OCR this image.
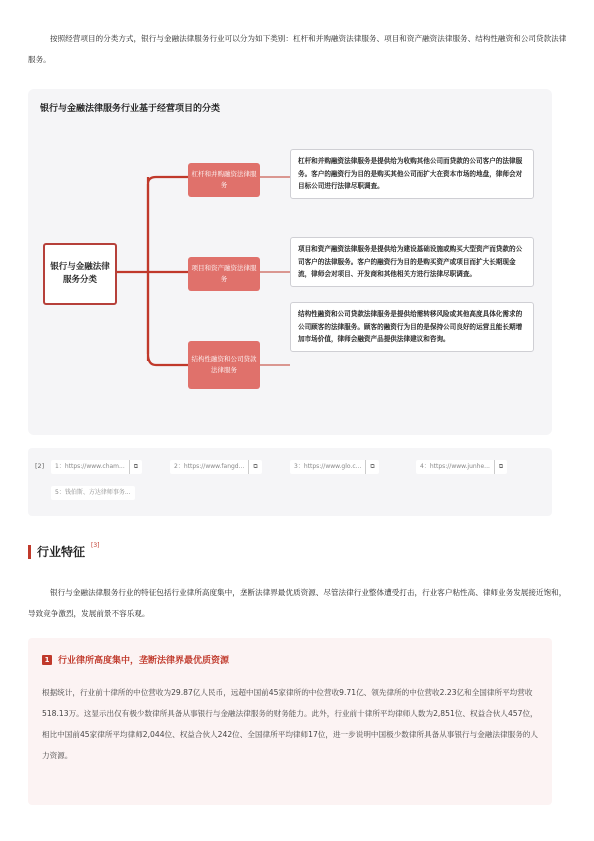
按照经营项目的分类方式，银行与金融法律服务行业可以分为如下类别：杠杆和并购融资法律服务、项目和资产融资法律服务、结构性融资和公司贷款法律服务。
银行与金融法律服务行业基于经营项目的分类
银行与金融法律服务分类
杠杆和并购融资法律服务
项目和资产融资法律服务
结构性融资和公司贷款法律服务
杠杆和并购融资法律服务是提供给为收购其他公司而贷款的公司客户的法律服务。客户的融资行为目的是购买其他公司而扩大在资本市场的地盘，律师会对目标公司进行法律尽职调查。
项目和资产融资法律服务是提供给为建设基础设施或购买大型资产而贷款的公司客户的法律服务。客户的融资行为目的是购买资产或项目而扩大长期现金流，律师会对项目、开发商和其他相关方进行法律尽职调查。
结构性融资和公司贷款法律服务是提供给需转移风险或其他高度具体化需求的公司顾客的法律服务。顾客的融资行为目的是保持公司良好的运营且能长期增加市场价值，律师会融资产品提供法律建议和咨询。
[2]	1：https://www.cham... ⧉	2：https://www.fangd... ⧉	3：https://www.glo.c... ⧉	4：https://www.junhe... ⧉
5：钱伯斯、方达律师事务...
行业特征 [3]
银行与金融法律服务行业的特征包括行业律所高度集中，垄断法律界最优质资源、尽管法律行业整体遭受打击，行业客户粘性高、律师业务发展接近饱和，导致竞争激烈，发展前景不容乐观。
1 行业律所高度集中，垄断法律界最优质资源
根据统计，行业前十律所的中位营收为29.87亿人民币，远超中国前45家律所的中位营收9.71亿、领先律所的中位营收2.23亿和全国律所平均营收518.13万。这显示出仅有极少数律所具备从事银行与金融法律服务的财务能力。此外，行业前十律所平均律师人数为2,851位、权益合伙人457位，相比中国前45家律所平均律师2,044位、权益合伙人242位、全国律所平均律师17位，进一步说明中国极少数律所具备从事银行与金融法律服务的人力资源。
